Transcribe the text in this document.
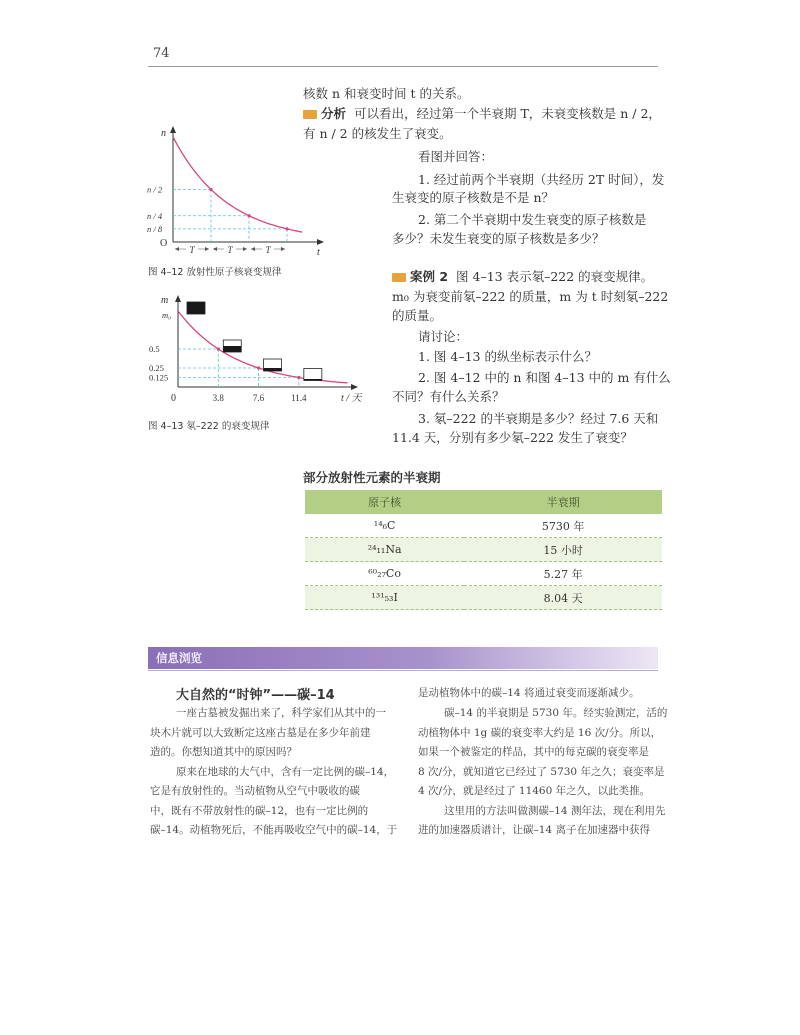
74
核数 n 和衰变时间 t 的关系。
分析 可以看出，经过第一个半衰期 T，未衰变核数是 n / 2，
有 n / 2 的核发生了衰变。
看图并回答：
1. 经过前两个半衰期（共经历 2T 时间），发
生衰变的原子核数是不是 n？
2. 第二个半衰期中发生衰变的原子核数是
多少？未发生衰变的原子核数是多少？
案例 2 图 4–13 表示氡–222 的衰变规律。
m₀ 为衰变前氡–222 的质量，m 为 t 时刻氡–222
的质量。
请讨论：
1. 图 4–13 的纵坐标表示什么？
2. 图 4–12 中的 n 和图 4–13 中的 m 有什么
不同？有什么关系？
3. 氡–222 的半衰期是多少？经过 7.6 天和
11.4 天，分别有多少氡–222 发生了衰变？
n
t
O
n / 2
n / 4
n / 8
T	T	T
图 4–12 放射性原子核衰变规律
m
t / 天
0
m₀
0.5
0.25
0.125
3.8	7.6	11.4
图 4–13 氡–222 的衰变规律
部分放射性元素的半衰期
原子核	半衰期
¹⁴₆C	5730 年
²⁴₁₁Na	15 小时
⁶⁰₂₇Co	5.27 年
¹³¹₅₃I	8.04 天
信息浏览
大自然的“时钟”——碳–14
一座古墓被发掘出来了，科学家们从其中的一
块木片就可以大致断定这座古墓是在多少年前建
造的。你想知道其中的原因吗？
原来在地球的大气中，含有一定比例的碳–14，
它是有放射性的。当动植物从空气中吸收的碳
中，既有不带放射性的碳–12，也有一定比例的
碳–14。动植物死后，不能再吸收空气中的碳–14，于
是动植物体中的碳–14 将通过衰变而逐渐减少。
碳–14 的半衰期是 5730 年。经实验测定，活的
动植物体中 1g 碳的衰变率大约是 16 次/分。所以，
如果一个被鉴定的样品，其中的每克碳的衰变率是
8 次/分，就知道它已经过了 5730 年之久；衰变率是
4 次/分，就是经过了 11460 年之久，以此类推。
这里用的方法叫做测碳–14 测年法，现在利用先
进的加速器质谱计，让碳–14 离子在加速器中获得
